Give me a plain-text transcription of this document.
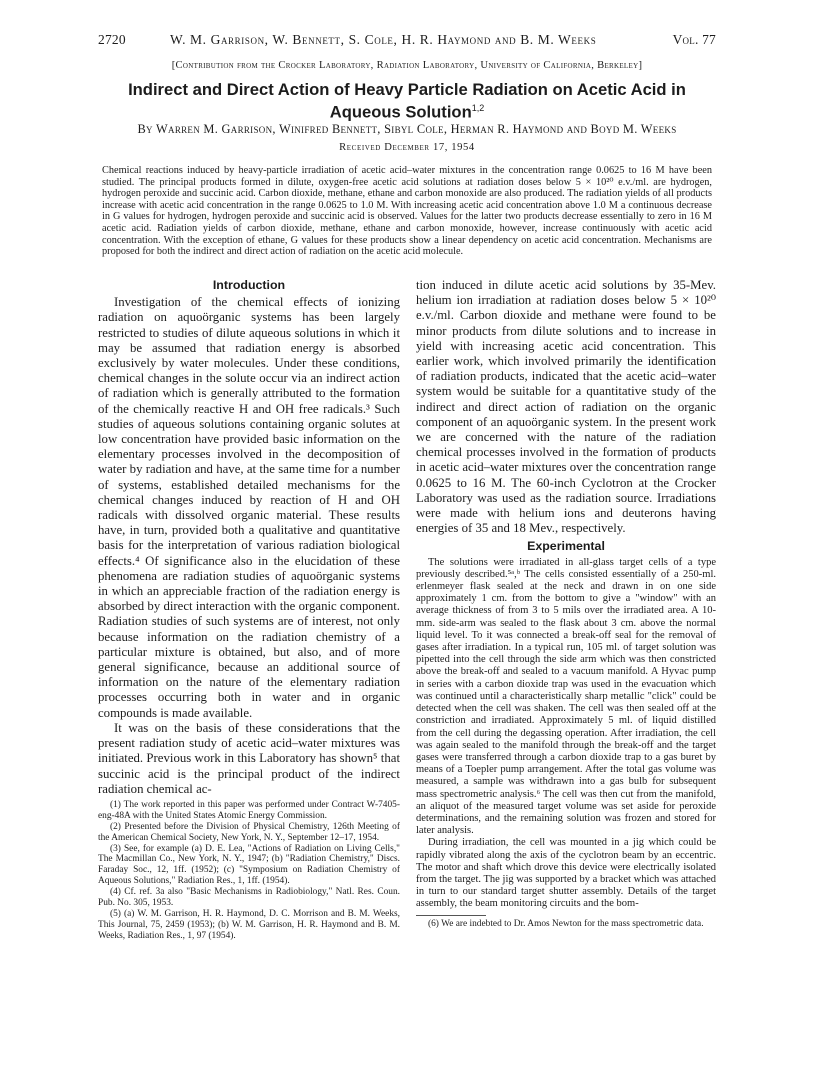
2720	W. M. Garrison, W. Bennett, S. Cole, H. R. Haymond and B. M. Weeks	Vol. 77
[Contribution from the Crocker Laboratory, Radiation Laboratory, University of California, Berkeley]
Indirect and Direct Action of Heavy Particle Radiation on Acetic Acid in Aqueous Solution$^{1,2}$
By Warren M. Garrison, Winifred Bennett, Sibyl Cole, Herman R. Haymond and Boyd M. Weeks
Received December 17, 1954
Chemical reactions induced by heavy-particle irradiation of acetic acid–water mixtures in the concentration range 0.0625 to 16 M have been studied. The principal products formed in dilute, oxygen-free acetic acid solutions at radiation doses below 5 × 10²⁰ e.v./ml. are hydrogen, hydrogen peroxide and succinic acid. Carbon dioxide, methane, ethane and carbon monoxide are also produced. The radiation yields of all products increase with acetic acid concentration in the range 0.0625 to 1.0 M. With increasing acetic acid concentration above 1.0 M a continuous decrease in G values for hydrogen, hydrogen peroxide and succinic acid is observed. Values for the latter two products decrease essentially to zero in 16 M acetic acid. Radiation yields of carbon dioxide, methane, ethane and carbon monoxide, however, increase continuously with acetic acid concentration. With the exception of ethane, G values for these products show a linear dependency on acetic acid concentration. Mechanisms are proposed for both the indirect and direct action of radiation on the acetic acid molecule.
Introduction

Investigation of the chemical effects of ionizing radiation on aquoörganic systems has been largely restricted to studies of dilute aqueous solutions in which it may be assumed that radiation energy is absorbed exclusively by water molecules. Under these conditions, chemical changes in the solute occur via an indirect action of radiation which is generally attributed to the formation of the chemically reactive H and OH free radicals.³ Such studies of aqueous solutions containing organic solutes at low concentration have provided basic information on the elementary processes involved in the decomposition of water by radiation and have, at the same time for a number of systems, established detailed mechanisms for the chemical changes induced by reaction of H and OH radicals with dissolved organic material. These results have, in turn, provided both a qualitative and quantitative basis for the interpretation of various radiation biological effects.⁴ Of significance also in the elucidation of these phenomena are radiation studies of aquoörganic systems in which an appreciable fraction of the radiation energy is absorbed by direct interaction with the organic component. Radiation studies of such systems are of interest, not only because information on the radiation chemistry of a particular mixture is obtained, but also, and of more general significance, because an additional source of information on the nature of the elementary radiation processes occurring both in water and in organic compounds is made available.

It was on the basis of these considerations that the present radiation study of acetic acid–water mixtures was initiated. Previous work in this Laboratory has shown⁵ that succinic acid is the principal product of the indirect radiation chemical ac-

(1) The work reported in this paper was performed under Contract W-7405-eng-48A with the United States Atomic Energy Commission.
(2) Presented before the Division of Physical Chemistry, 126th Meeting of the American Chemical Society, New York, N. Y., September 12–17, 1954.
(3) See, for example (a) D. E. Lea, "Actions of Radiation on Living Cells," The Macmillan Co., New York, N. Y., 1947; (b) "Radiation Chemistry," Discs. Faraday Soc., 12, 1ff. (1952); (c) "Symposium on Radiation Chemistry of Aqueous Solutions," Radiation Res., 1, 1ff. (1954).
(4) Cf. ref. 3a also "Basic Mechanisms in Radiobiology," Natl. Res. Coun. Pub. No. 305, 1953.
(5) (a) W. M. Garrison, H. R. Haymond, D. C. Morrison and B. M. Weeks, This Journal, 75, 2459 (1953); (b) W. M. Garrison, H. R. Haymond and B. M. Weeks, Radiation Res., 1, 97 (1954).

tion induced in dilute acetic acid solutions by 35-Mev. helium ion irradiation at radiation doses below 5 × 10²⁰ e.v./ml. Carbon dioxide and methane were found to be minor products from dilute solutions and to increase in yield with increasing acetic acid concentration. This earlier work, which involved primarily the identification of radiation products, indicated that the acetic acid–water system would be suitable for a quantitative study of the indirect and direct action of radiation on the organic component of an aquoörganic system. In the present work we are concerned with the nature of the radiation chemical processes involved in the formation of products in acetic acid–water mixtures over the concentration range 0.0625 to 16 M. The 60-inch Cyclotron at the Crocker Laboratory was used as the radiation source. Irradiations were made with helium ions and deuterons having energies of 35 and 18 Mev., respectively.

Experimental

The solutions were irradiated in all-glass target cells of a type previously described.⁵ᵃ,ᵇ The cells consisted essentially of a 250-ml. erlenmeyer flask sealed at the neck and drawn in on one side approximately 1 cm. from the bottom to give a "window" with an average thickness of from 3 to 5 mils over the irradiated area. A 10-mm. side-arm was sealed to the flask about 3 cm. above the normal liquid level. To it was connected a break-off seal for the removal of gases after irradiation. In a typical run, 105 ml. of target solution was pipetted into the cell through the side arm which was then constricted above the break-off and sealed to a vacuum manifold. A Hyvac pump in series with a carbon dioxide trap was used in the evacuation which was continued until a characteristically sharp metallic "click" could be detected when the cell was shaken. The cell was then sealed off at the constriction and irradiated. Approximately 5 ml. of liquid distilled from the cell during the degassing operation. After irradiation, the cell was again sealed to the manifold through the break-off and the target gases were transferred through a carbon dioxide trap to a gas buret by means of a Toepler pump arrangement. After the total gas volume was measured, a sample was withdrawn into a gas bulb for subsequent mass spectrometric analysis.⁶ The cell was then cut from the manifold, an aliquot of the measured target volume was set aside for peroxide determinations, and the remaining solution was frozen and stored for later analysis.

During irradiation, the cell was mounted in a jig which could be rapidly vibrated along the axis of the cyclotron beam by an eccentric. The motor and shaft which drove this device were electrically isolated from the target. The jig was supported by a bracket which was attached in turn to our standard target shutter assembly. Details of the target assembly, the beam monitoring circuits and the bom-

(6) We are indebted to Dr. Amos Newton for the mass spectrometric data.
